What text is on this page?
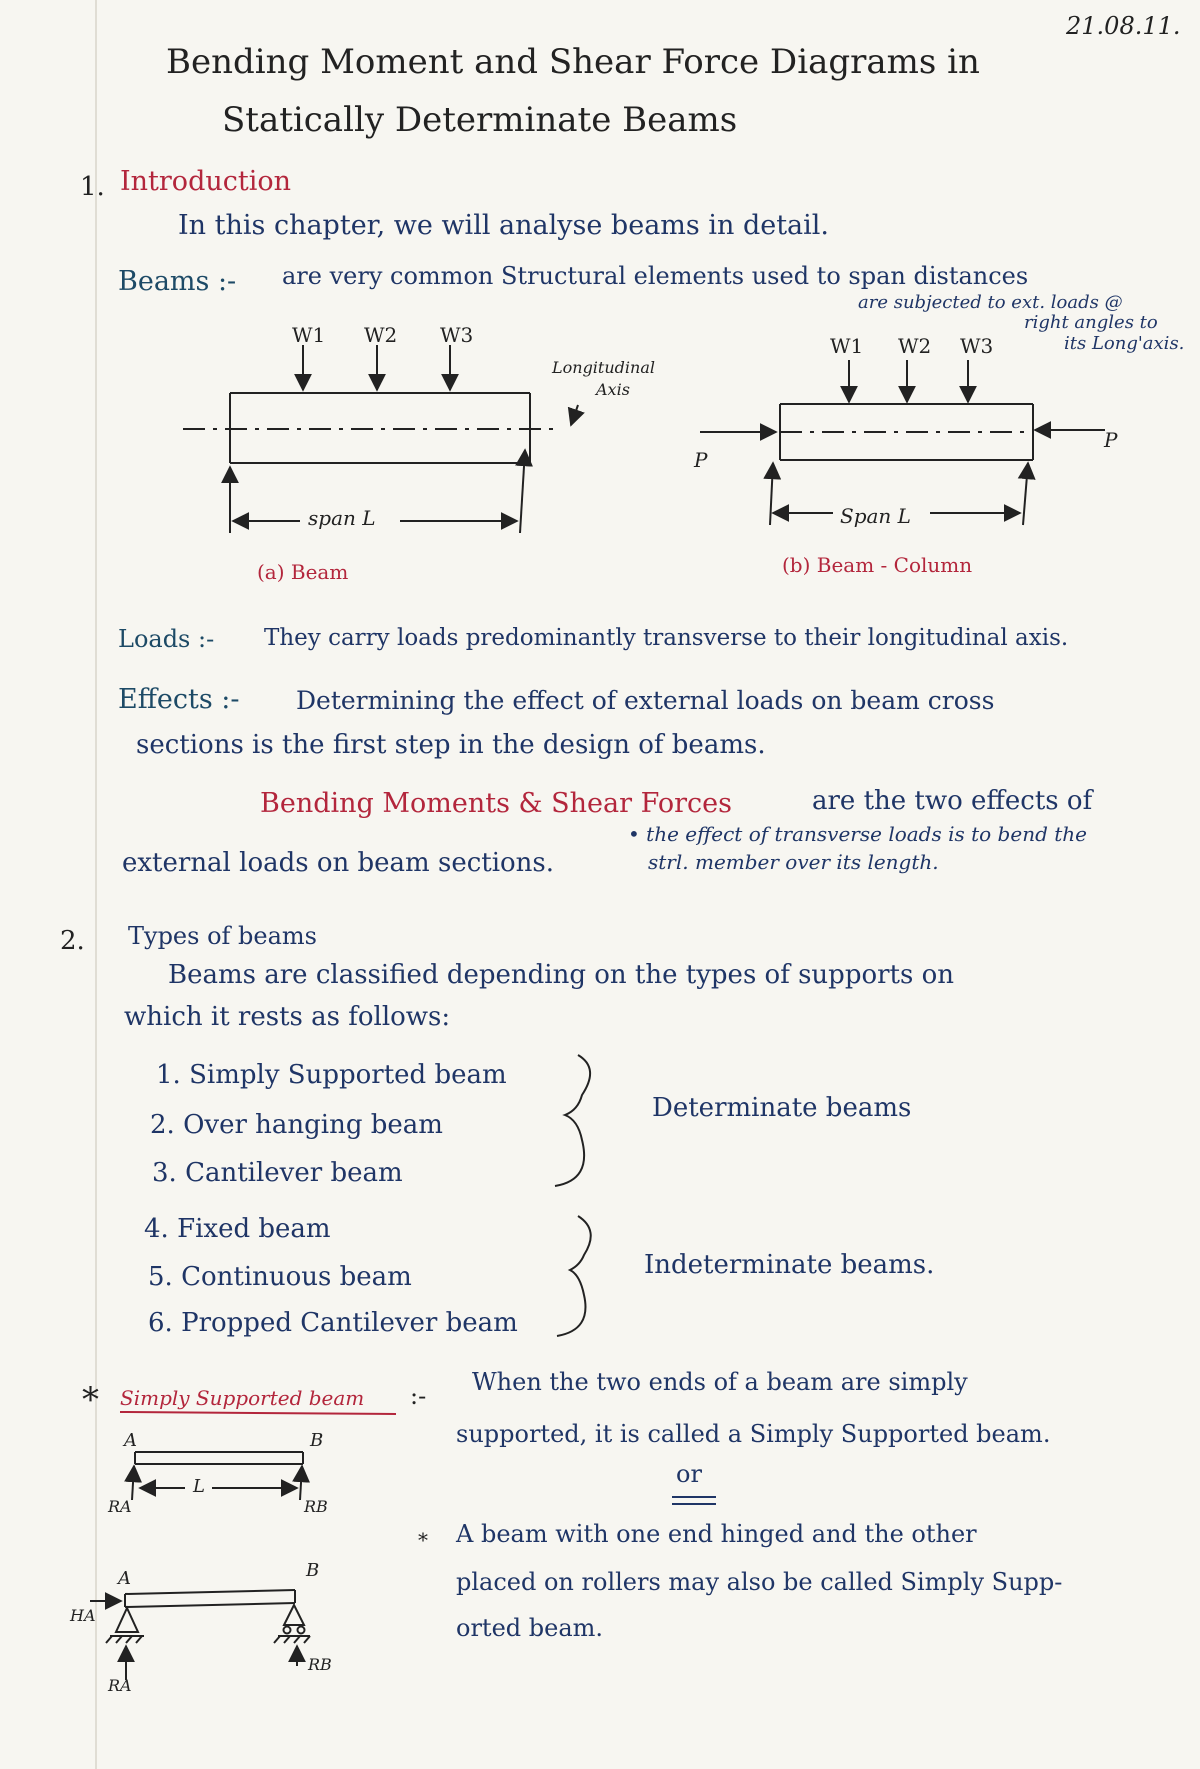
21.08.11.
Bending Moment and Shear Force Diagrams in
Statically Determinate Beams
1. Introduction
In this chapter, we will analyse beams in detail.
Beams :- are very common Structural elements used to span distances
are subjected to ext. loads @
right angles to
its Long'axis.
W1 W2 W3
Longitudinal
Axis
span L
(a) Beam
W1 W2 W3
P
P
Span L
(b) Beam - Column
Loads :- They carry loads predominantly transverse to their longitudinal axis.
Effects :- Determining the effect of external loads on beam cross
sections is the first step in the design of beams.
Bending Moments & Shear Forces	are the two effects of
external loads on beam sections.
• the effect of transverse loads is to bend the
strl. member over its length.
2. Types of beams
Beams are classified depending on the types of supports on
which it rests as follows:
1. Simply Supported beam
2. Over hanging beam
3. Cantilever beam
4. Fixed beam
5. Continuous beam
6. Propped Cantilever beam
Determinate beams
Indeterminate beams.
* Simply Supported beam :- When the two ends of a beam are simply
supported, it is called a Simply Supported beam.
or
* A beam with one end hinged and the other
placed on rollers may also be called Simply Supp-
orted beam.
A	B
L
RA	RB
A	B
HA
RA
RB
